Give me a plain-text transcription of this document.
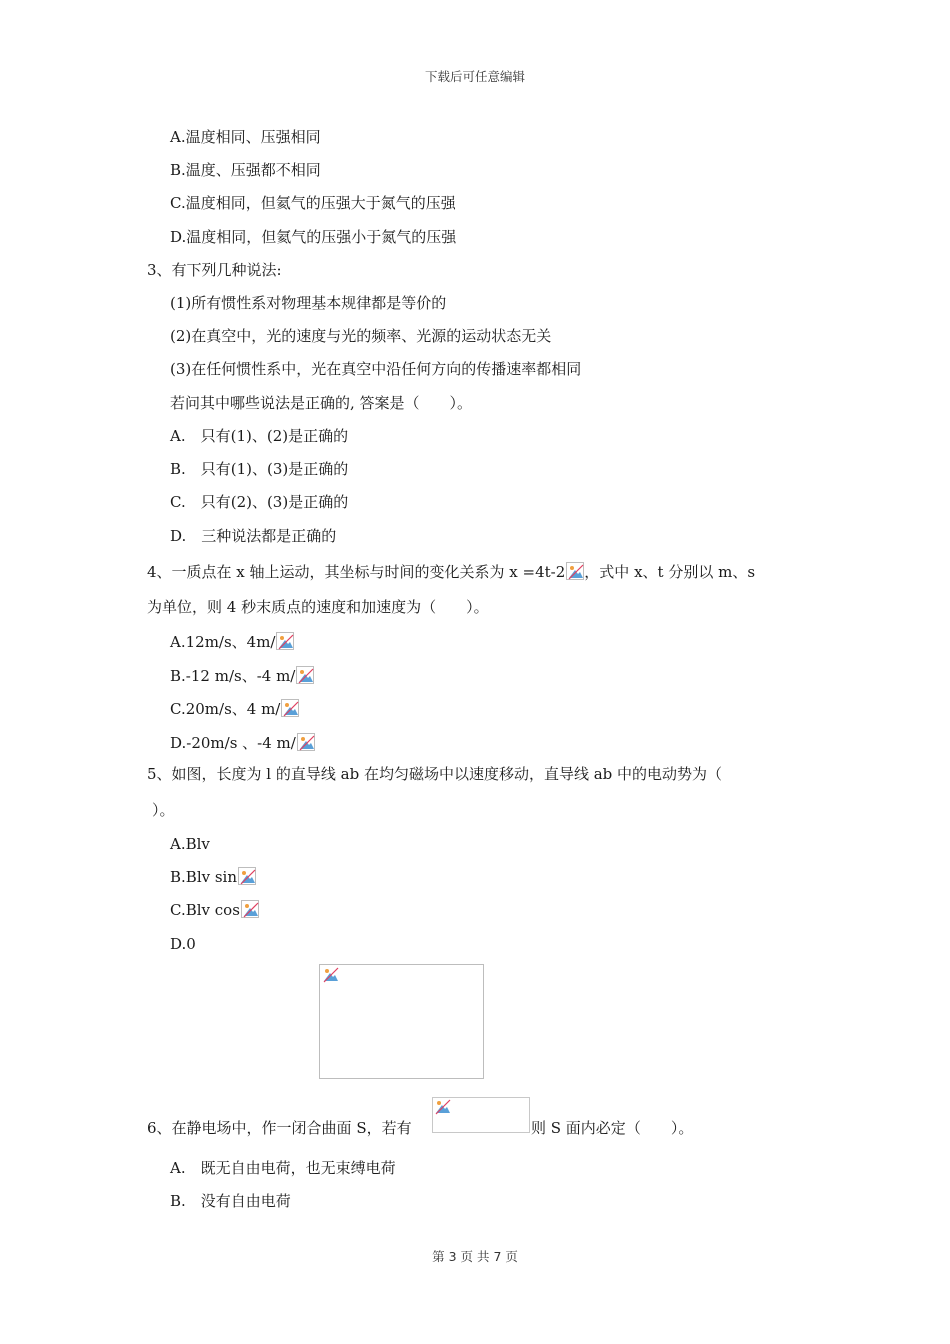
下载后可任意编辑
A.温度相同、压强相同
B.温度、压强都不相同
C.温度相同，但氦气的压强大于氮气的压强
D.温度相同，但氦气的压强小于氮气的压强
3、有下列几种说法:
(1)所有惯性系对物理基本规律都是等价的
(2)在真空中，光的速度与光的频率、光源的运动状态无关
(3)在任何惯性系中，光在真空中沿任何方向的传播速率都相同
若问其中哪些说法是正确的, 答案是（　　）。
A.　只有(1)、(2)是正确的
B.　只有(1)、(3)是正确的
C.　只有(2)、(3)是正确的
D.　三种说法都是正确的
4、一质点在 x 轴上运动，其坐标与时间的变化关系为 x =4t-2 ，式中 x、t 分别以 m、s
为单位，则 4 秒末质点的速度和加速度为（　　）。
A.12m/s、4m/
B.-12 m/s、-4 m/
C.20m/s、4 m/
D.-20m/s 、-4 m/
5、如图，长度为 l 的直导线 ab 在均匀磁场中以速度移动，直导线 ab 中的电动势为（
）。
A.Blv
B.Blv sin
C.Blv cos
D.0
6、在静电场中，作一闭合曲面 S，若有	则 S 面内必定（　　）。
A.　既无自由电荷，也无束缚电荷
B.　没有自由电荷
第 3 页 共 7 页
